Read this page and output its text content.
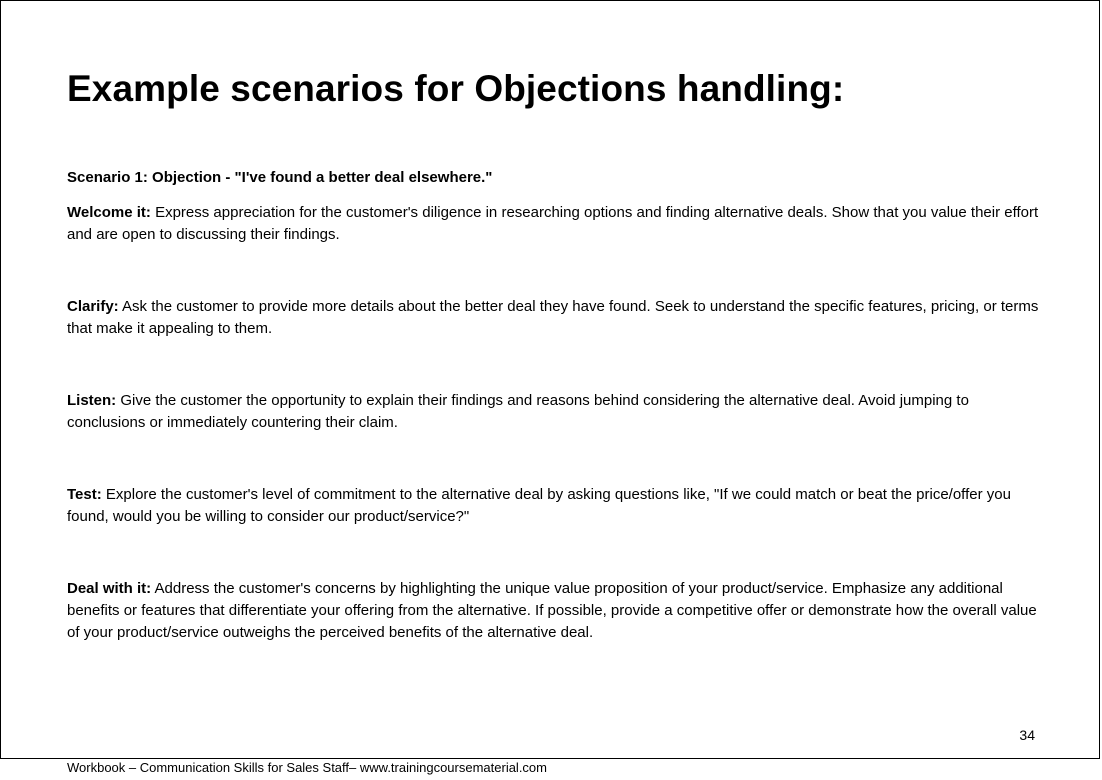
Example scenarios for Objections handling:

Scenario 1: Objection - "I've found a better deal elsewhere."

Welcome it: Express appreciation for the customer's diligence in researching options and finding alternative deals. Show that you value their effort and are open to discussing their findings.

Clarify: Ask the customer to provide more details about the better deal they have found. Seek to understand the specific features, pricing, or terms that make it appealing to them.

Listen: Give the customer the opportunity to explain their findings and reasons behind considering the alternative deal. Avoid jumping to conclusions or immediately countering their claim.

Test: Explore the customer's level of commitment to the alternative deal by asking questions like, "If we could match or beat the price/offer you found, would you be willing to consider our product/service?"

Deal with it: Address the customer's concerns by highlighting the unique value proposition of your product/service. Emphasize any additional benefits or features that differentiate your offering from the alternative. If possible, provide a competitive offer or demonstrate how the overall value of your product/service outweighs the perceived benefits of the alternative deal.

34
Workbook – Communication Skills for Sales Staff– www.trainingcoursematerial.com
